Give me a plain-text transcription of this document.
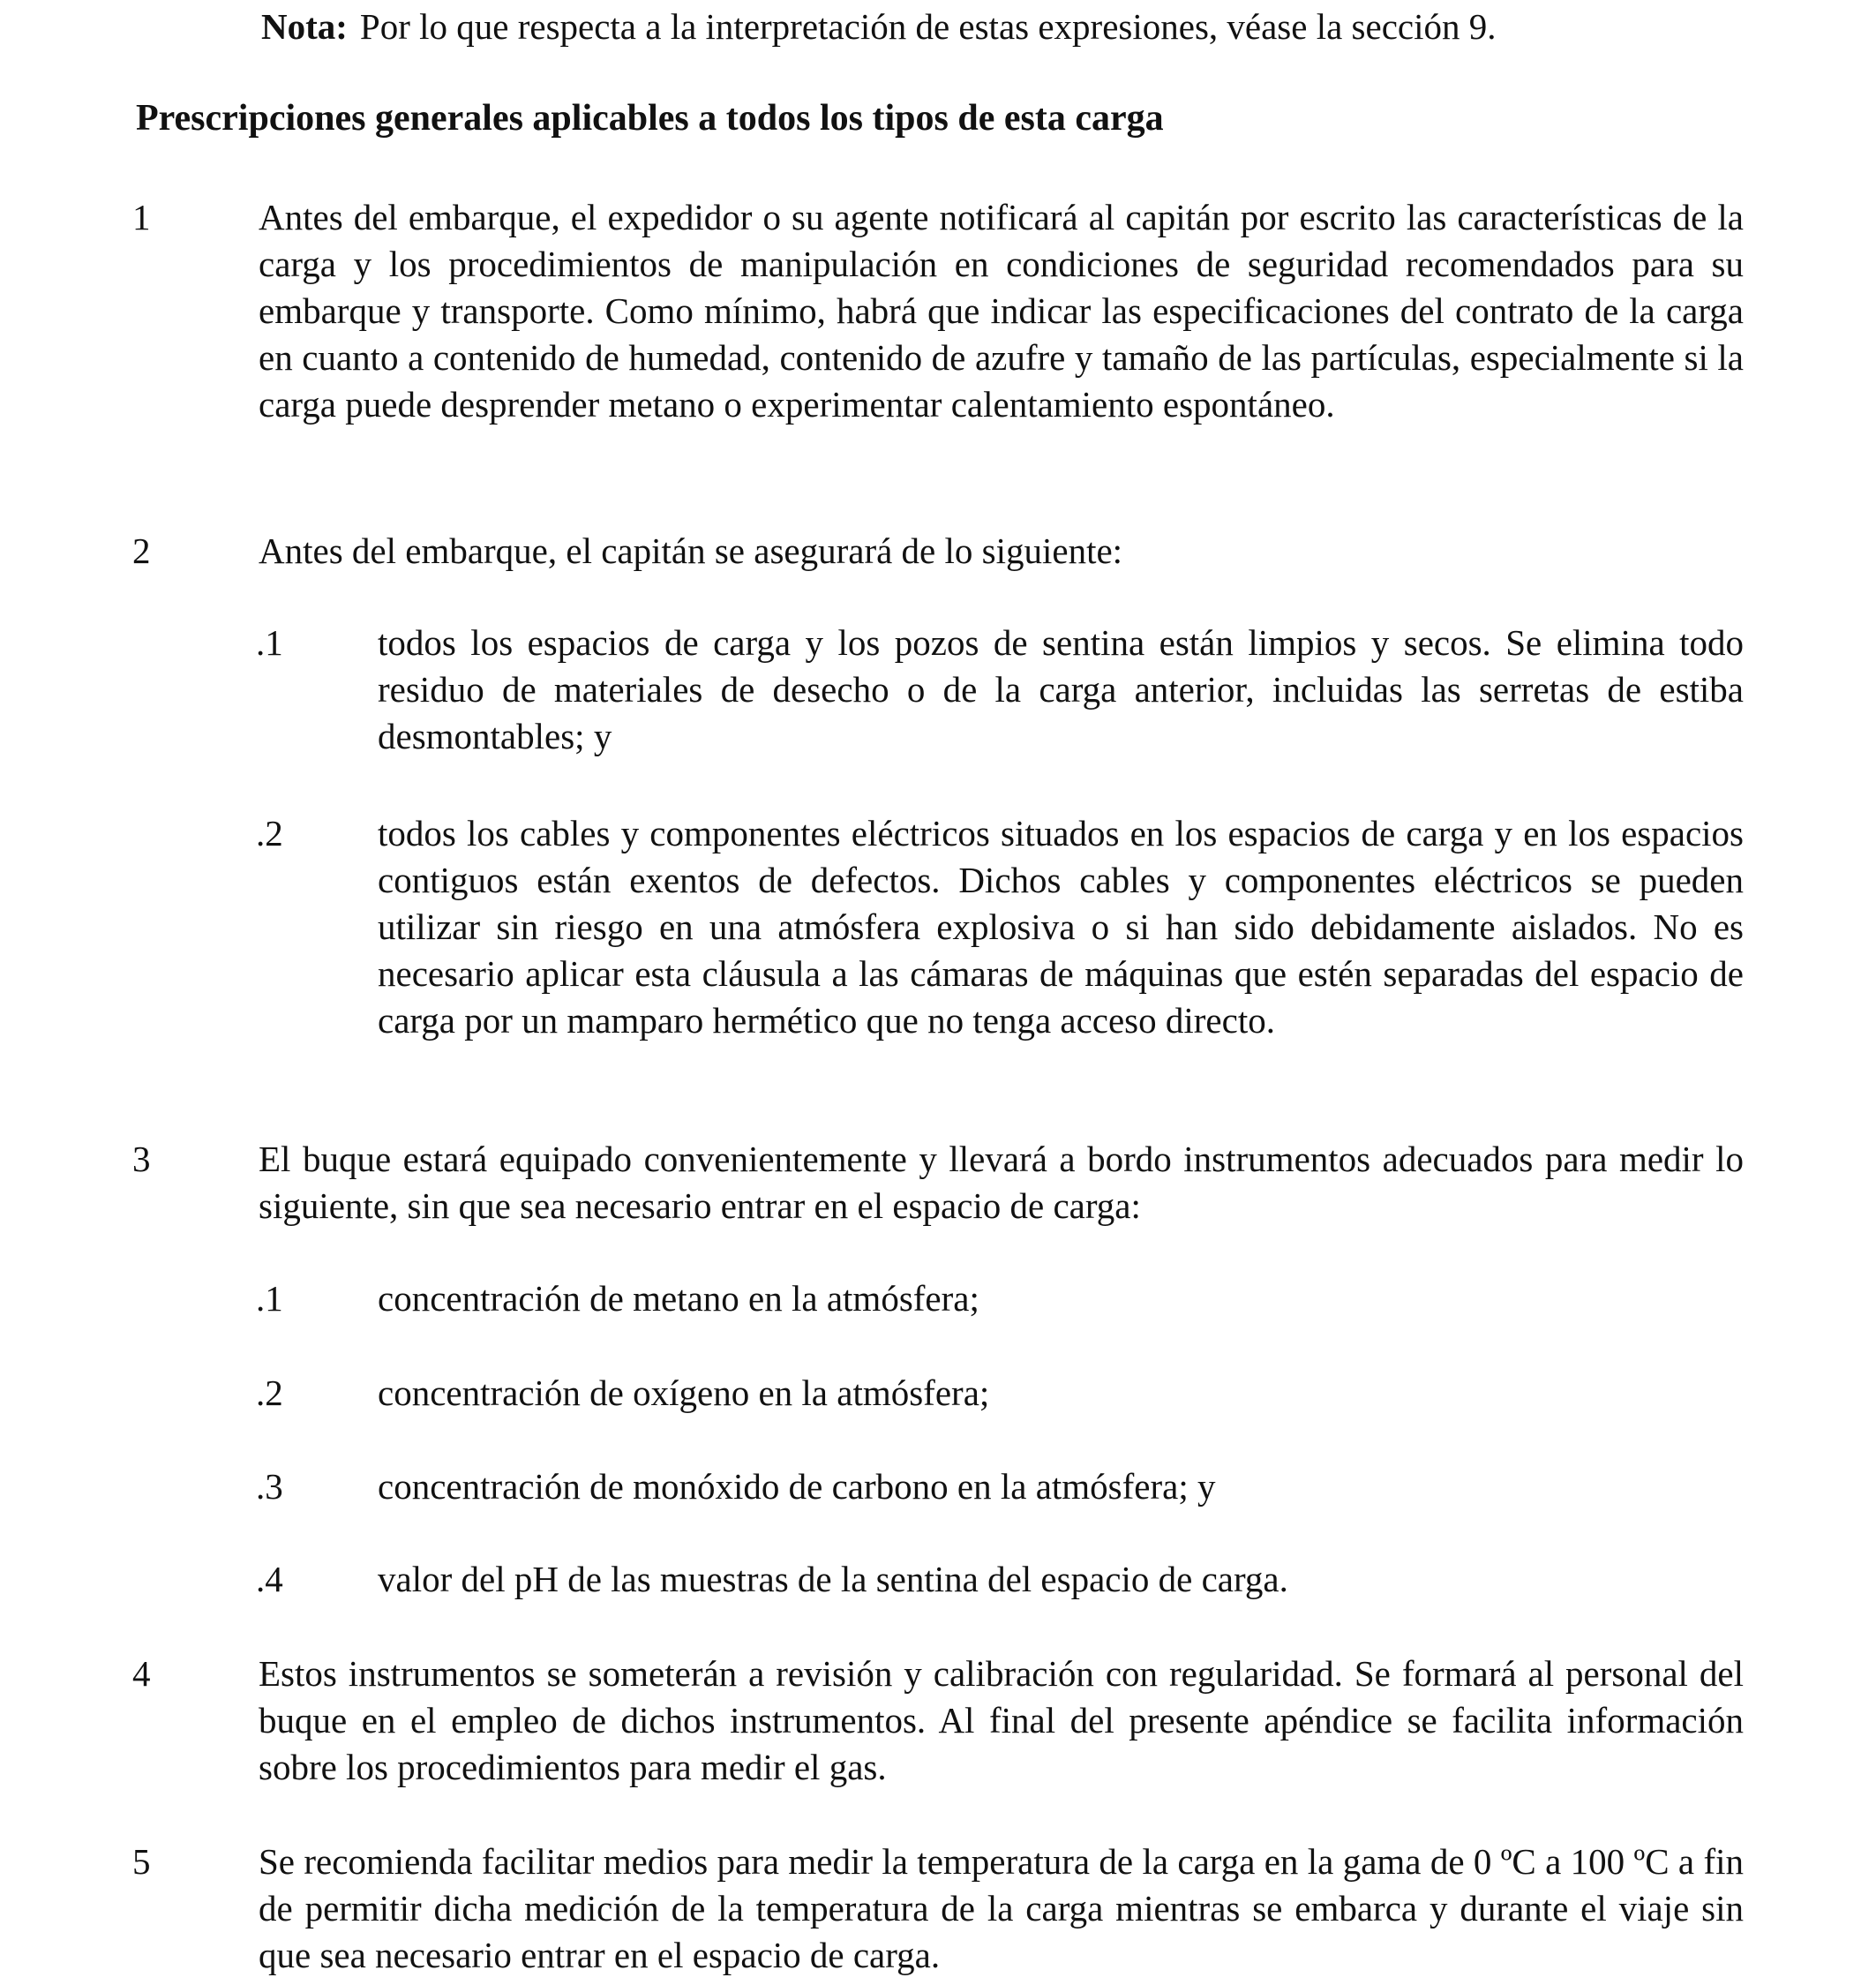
Nota: Por lo que respecta a la interpretación de estas expresiones, véase la sección 9.
Prescripciones generales aplicables a todos los tipos de esta carga
1	Antes del embarque, el expedidor o su agente notificará al capitán por escrito las características de la carga y los procedimientos de manipulación en condiciones de seguridad recomendados para su embarque y transporte. Como mínimo, habrá que indicar las especificaciones del contrato de la carga en cuanto a contenido de humedad, contenido de azufre y tamaño de las partículas, especialmente si la carga puede desprender metano o experimentar calentamiento espontáneo.
2	Antes del embarque, el capitán se asegurará de lo siguiente:
.1	todos los espacios de carga y los pozos de sentina están limpios y secos. Se elimina todo residuo de materiales de desecho o de la carga anterior, incluidas las serretas de estiba desmontables; y
.2	todos los cables y componentes eléctricos situados en los espacios de carga y en los espacios contiguos están exentos de defectos. Dichos cables y componentes eléctricos se pueden utilizar sin riesgo en una atmósfera explosiva o si han sido debidamente aislados. No es necesario aplicar esta cláusula a las cámaras de máquinas que estén separadas del espacio de carga por un mamparo hermético que no tenga acceso directo.
3	El buque estará equipado convenientemente y llevará a bordo instrumentos adecuados para medir lo siguiente, sin que sea necesario entrar en el espacio de carga:
.1	concentración de metano en la atmósfera;
.2	concentración de oxígeno en la atmósfera;
.3	concentración de monóxido de carbono en la atmósfera; y
.4	valor del pH de las muestras de la sentina del espacio de carga.
4	Estos instrumentos se someterán a revisión y calibración con regularidad. Se formará al personal del buque en el empleo de dichos instrumentos. Al final del presente apéndice se facilita información sobre los procedimientos para medir el gas.
5	Se recomienda facilitar medios para medir la temperatura de la carga en la gama de 0 ºC a 100 ºC a fin de permitir dicha medición de la temperatura de la carga mientras se embarca y durante el viaje sin que sea necesario entrar en el espacio de carga.
